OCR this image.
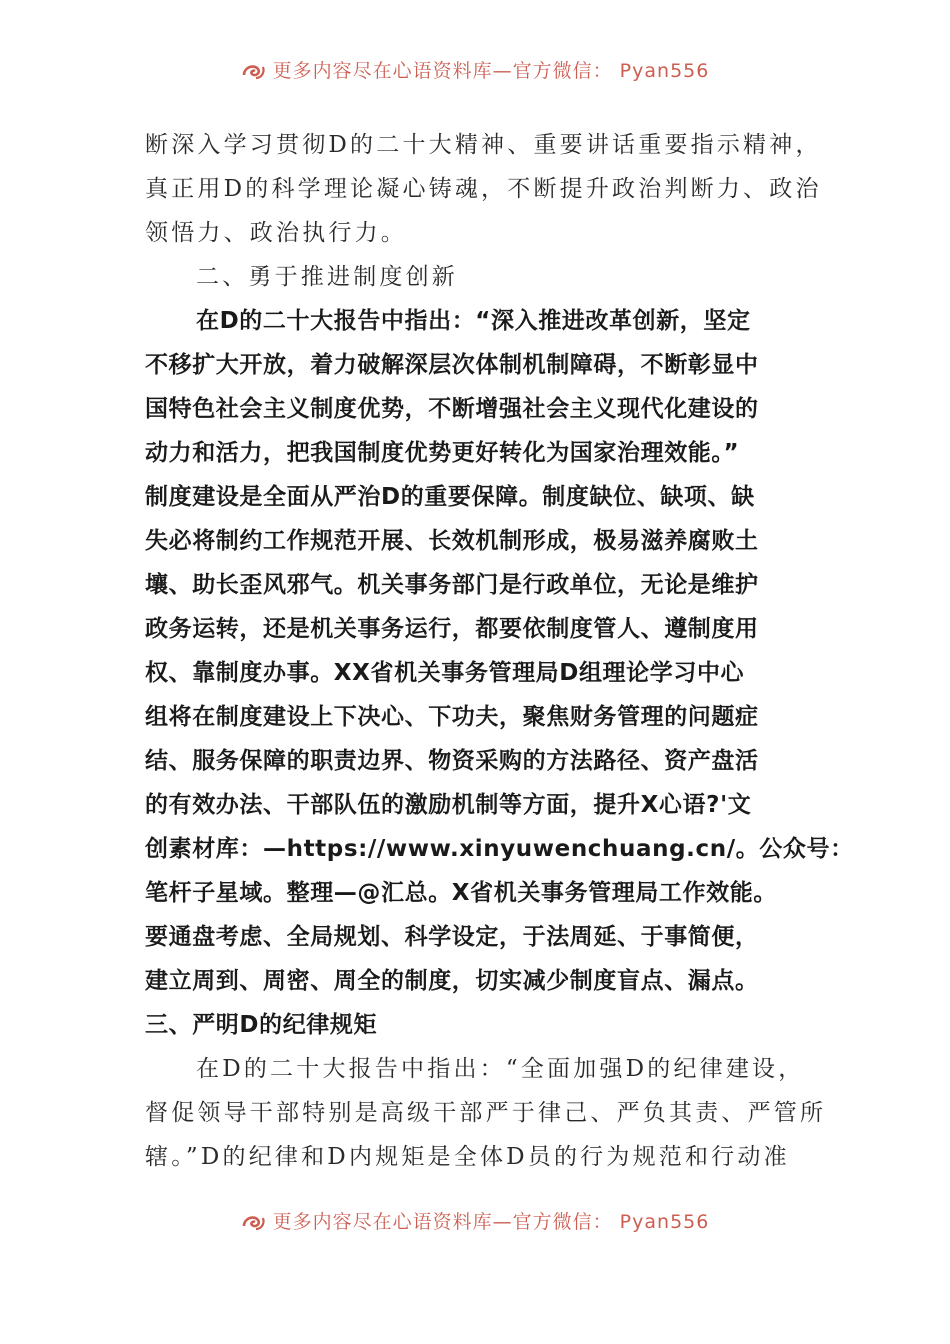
更多内容尽在心语资料库—官方微信： Pyan556
断深入学习贯彻D的二十大精神、重要讲话重要指示精神，
真正用D的科学理论凝心铸魂，不断提升政治判断力、政治
领悟力、政治执行力。
二、勇于推进制度创新
在D的二十大报告中指出：“深入推进改革创新，坚定
不移扩大开放，着力破解深层次体制机制障碍，不断彰显中
国特色社会主义制度优势，不断增强社会主义现代化建设的
动力和活力，把我国制度优势更好转化为国家治理效能。”
制度建设是全面从严治D的重要保障。制度缺位、缺项、缺
失必将制约工作规范开展、长效机制形成，极易滋养腐败土
壤、助长歪风邪气。机关事务部门是行政单位，无论是维护
政务运转，还是机关事务运行，都要依制度管人、遵制度用
权、靠制度办事。XX省机关事务管理局D组理论学习中心
组将在制度建设上下决心、下功夫，聚焦财务管理的问题症
结、服务保障的职责边界、物资采购的方法路径、资产盘活
的有效办法、干部队伍的激励机制等方面，提升X心语?'文
创素材库：—https://www.xinyuwenchuang.cn/。公众号：
笔杆子星域。整理—@汇总。X省机关事务管理局工作效能。
要通盘考虑、全局规划、科学设定，于法周延、于事简便，
建立周到、周密、周全的制度，切实减少制度盲点、漏点。
三、严明D的纪律规矩
在D的二十大报告中指出：“全面加强D的纪律建设，
督促领导干部特别是高级干部严于律己、严负其责、严管所
辖。”D的纪律和D内规矩是全体D员的行为规范和行动准
更多内容尽在心语资料库—官方微信： Pyan556
